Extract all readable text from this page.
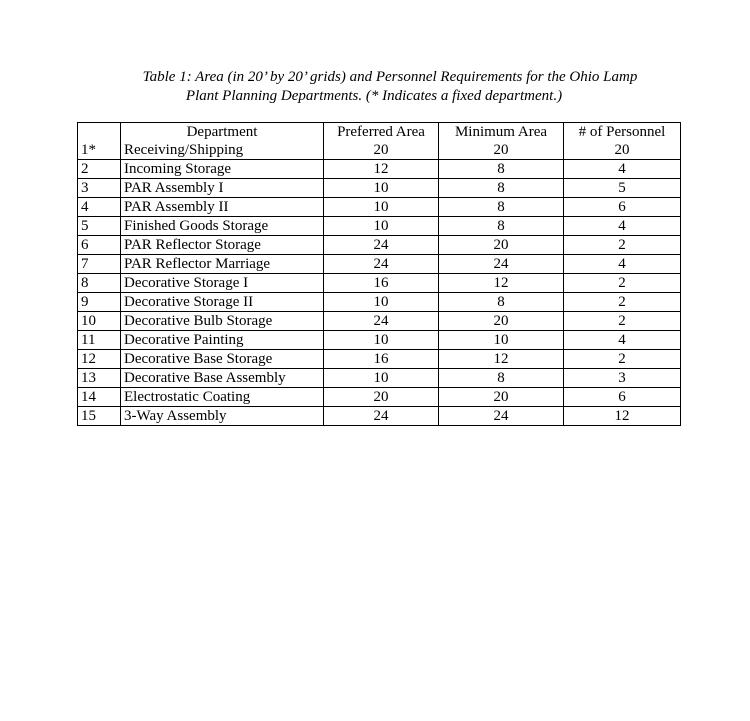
Table 1: Area (in 20’ by 20’ grids) and Personnel Requirements for the Ohio Lamp
Plant Planning Departments. (* Indicates a fixed department.)
	Department	Preferred Area	Minimum Area	# of Personnel
1*	Receiving/Shipping	20	20	20
2	Incoming Storage	12	8	4
3	PAR Assembly I	10	8	5
4	PAR Assembly II	10	8	6
5	Finished Goods Storage	10	8	4
6	PAR Reflector Storage	24	20	2
7	PAR Reflector Marriage	24	24	4
8	Decorative Storage I	16	12	2
9	Decorative Storage II	10	8	2
10	Decorative Bulb Storage	24	20	2
11	Decorative Painting	10	10	4
12	Decorative Base Storage	16	12	2
13	Decorative Base Assembly	10	8	3
14	Electrostatic Coating	20	20	6
15	3-Way Assembly	24	24	12
